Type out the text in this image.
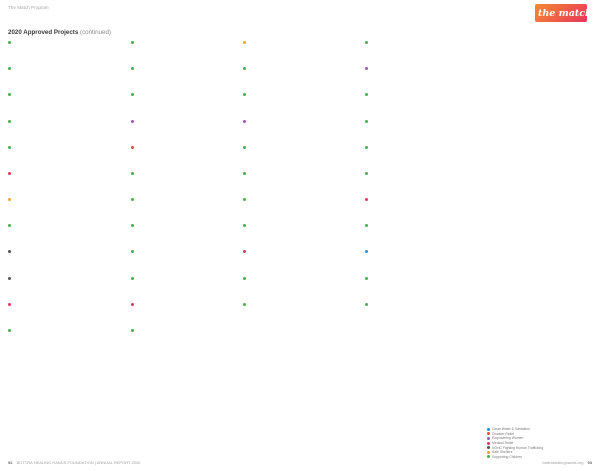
The Match Program
the match
2020 Approved Projects (continued)
Clean Water & Sanitation
Disaster Relief
Empowering Women
Medical Relief
NOHC Fighting Human Trafficking
Safe Shelters
Supporting Children
92 BOTTRA HEALING HANDS FOUNDATION | ANNUAL REPORT 2020	bottrahealinghands.org 93
